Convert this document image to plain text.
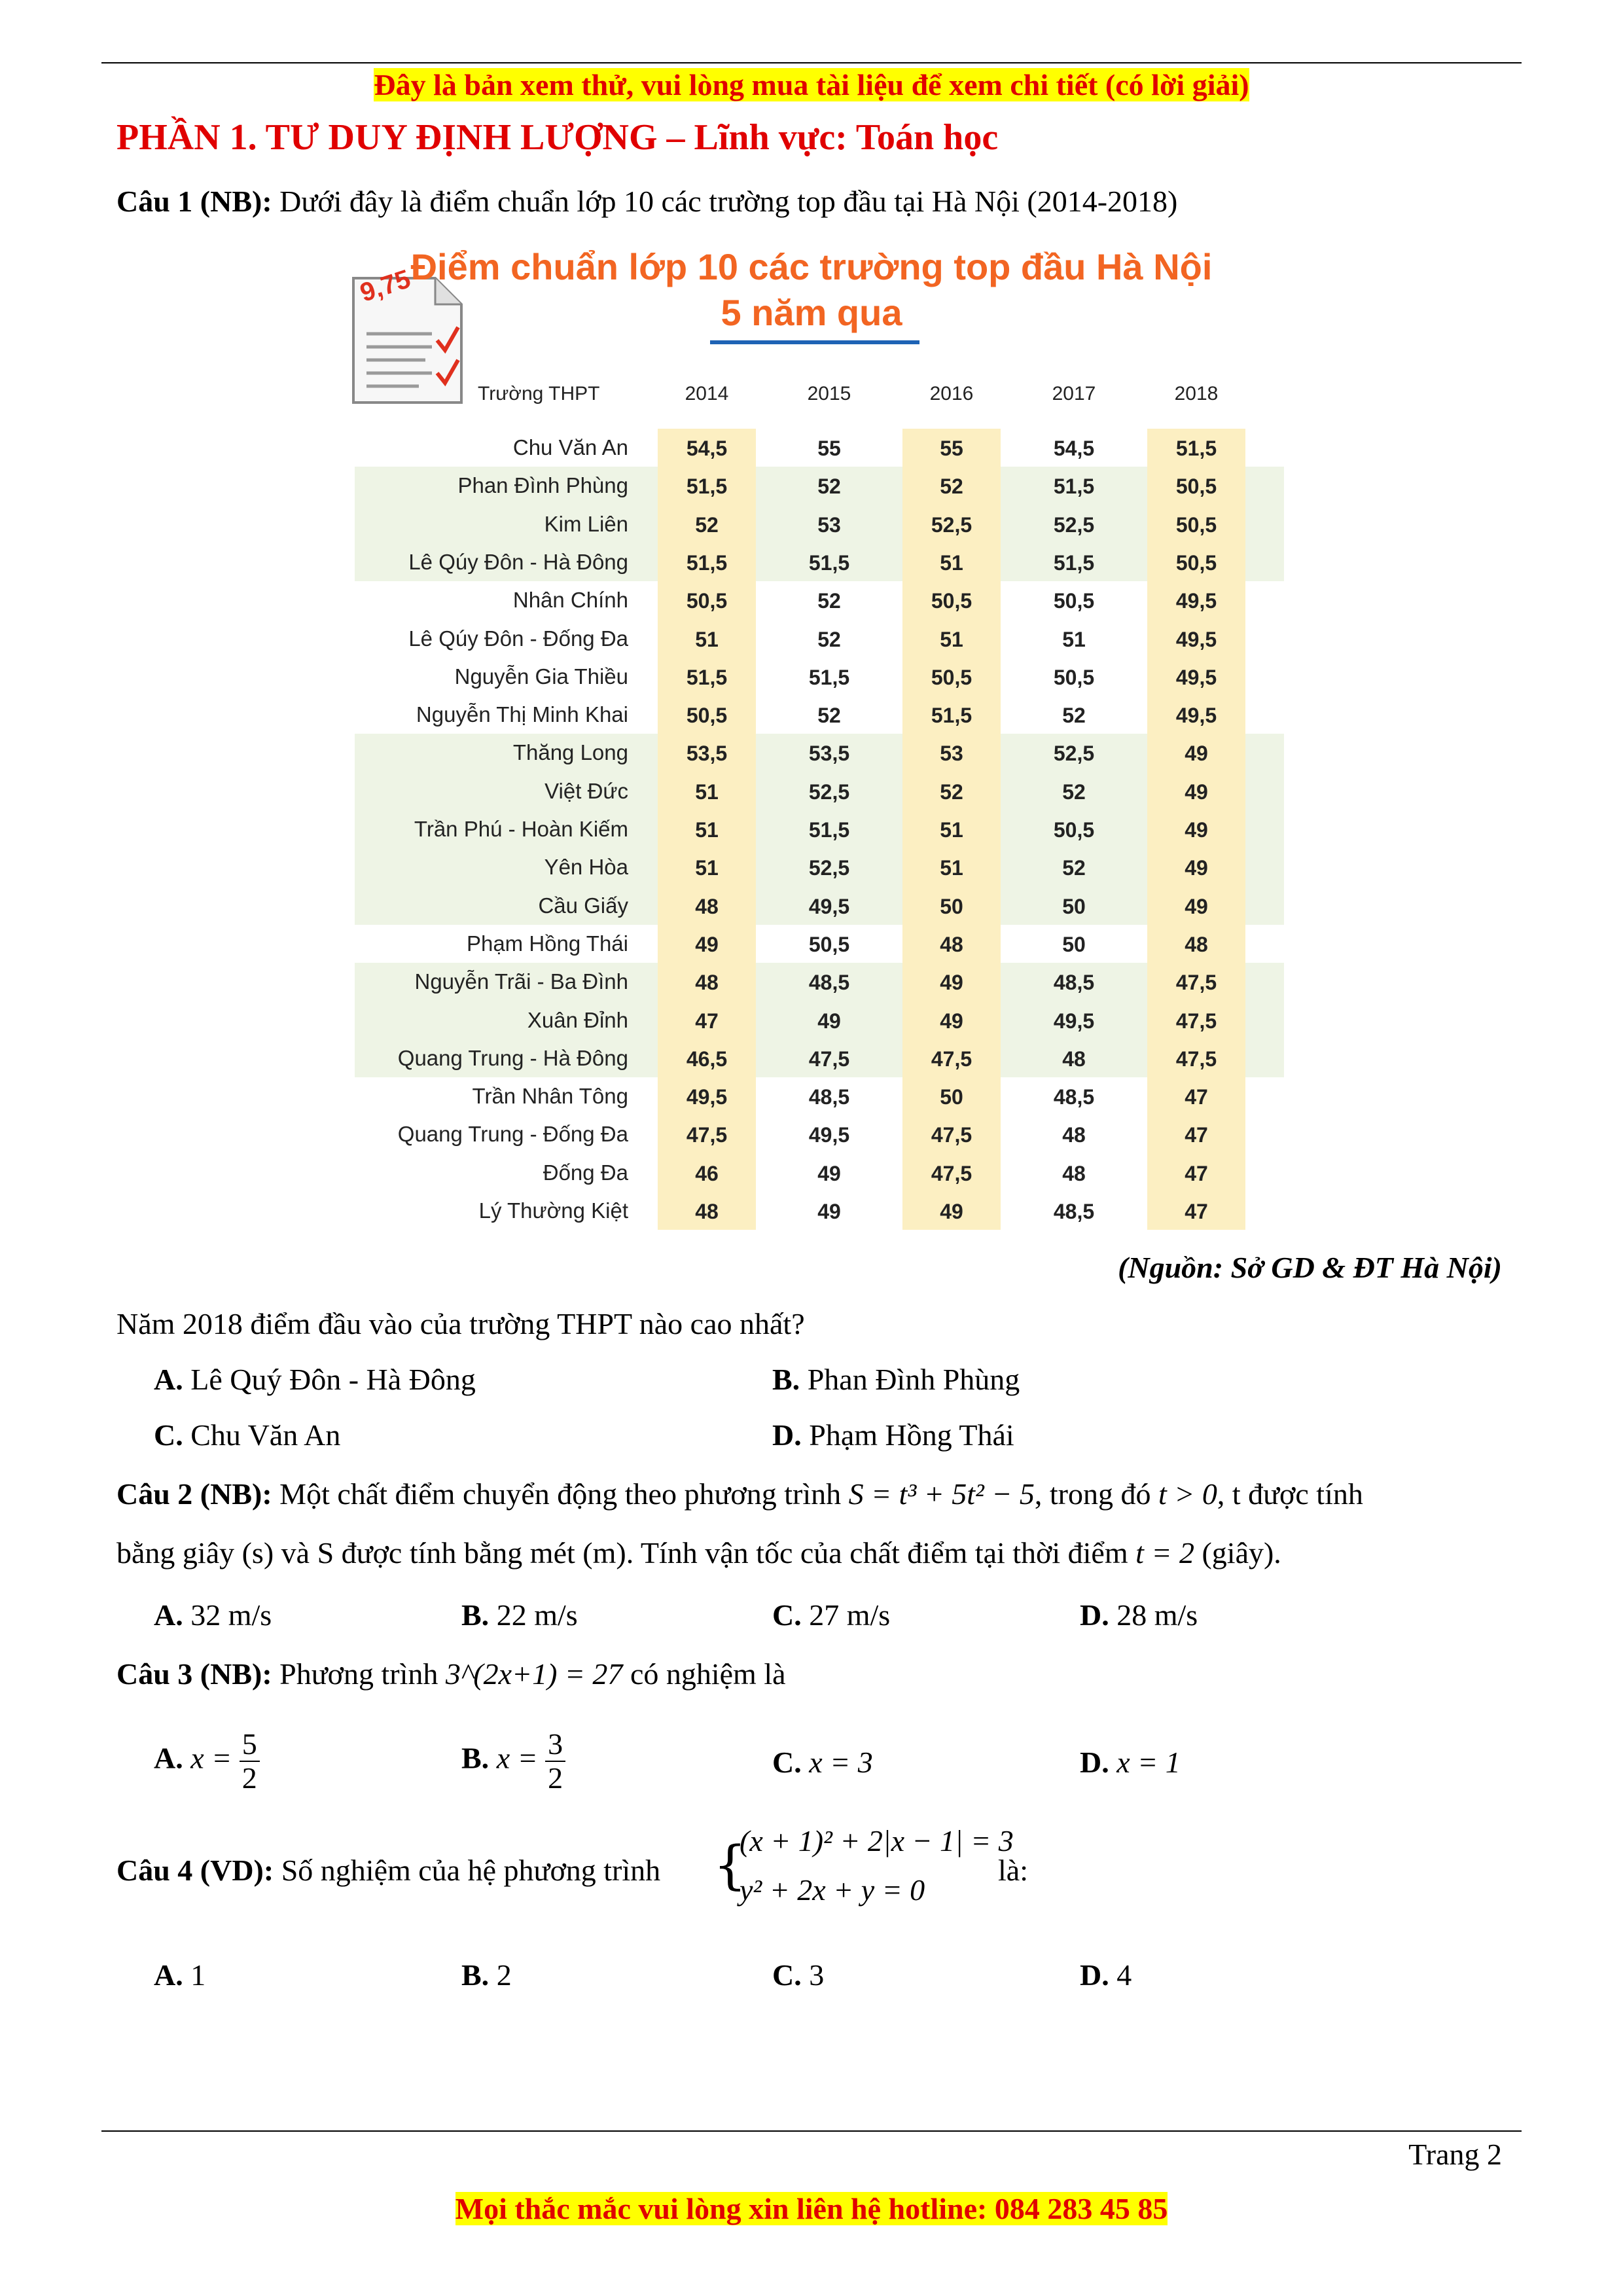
Đây là bản xem thử, vui lòng mua tài liệu để xem chi tiết (có lời giải)
PHẦN 1. TƯ DUY ĐỊNH LƯỢNG – Lĩnh vực: Toán học
Câu 1 (NB): Dưới đây là điểm chuẩn lớp 10 các trường top đầu tại Hà Nội (2014-2018)
9,75
Điểm chuẩn lớp 10 các trường top đầu Hà Nội
5 năm qua
Trường THPT	2014	2015	2016	2017	2018
Chu Văn An	54,5	55	55	54,5	51,5
Phan Đình Phùng	51,5	52	52	51,5	50,5
Kim Liên	52	53	52,5	52,5	50,5
Lê Qúy Đôn - Hà Đông	51,5	51,5	51	51,5	50,5
Nhân Chính	50,5	52	50,5	50,5	49,5
Lê Qúy Đôn - Đống Đa	51	52	51	51	49,5
Nguyễn Gia Thiều	51,5	51,5	50,5	50,5	49,5
Nguyễn Thị Minh Khai	50,5	52	51,5	52	49,5
Thăng Long	53,5	53,5	53	52,5	49
Việt Đức	51	52,5	52	52	49
Trần Phú - Hoàn Kiếm	51	51,5	51	50,5	49
Yên Hòa	51	52,5	51	52	49
Cầu Giấy	48	49,5	50	50	49
Phạm Hồng Thái	49	50,5	48	50	48
Nguyễn Trãi - Ba Đình	48	48,5	49	48,5	47,5
Xuân Đỉnh	47	49	49	49,5	47,5
Quang Trung - Hà Đông	46,5	47,5	47,5	48	47,5
Trần Nhân Tông	49,5	48,5	50	48,5	47
Quang Trung - Đống Đa	47,5	49,5	47,5	48	47
Đống Đa	46	49	47,5	48	47
Lý Thường Kiệt	48	49	49	48,5	47
(Nguồn: Sở GD & ĐT Hà Nội)
Năm 2018 điểm đầu vào của trường THPT nào cao nhất?
A. Lê Quý Đôn - Hà Đông	B. Phan Đình Phùng
C. Chu Văn An	D. Phạm Hồng Thái
Câu 2 (NB): Một chất điểm chuyển động theo phương trình S = t³ + 5t² − 5, trong đó t > 0, t được tính
bằng giây (s) và S được tính bằng mét (m). Tính vận tốc của chất điểm tại thời điểm t = 2 (giây).
A. 32 m/s	B. 22 m/s	C. 27 m/s	D. 28 m/s
Câu 3 (NB): Phương trình 3^(2x+1) = 27 có nghiệm là
A. $x = \frac{5}{2}$	B. $x = \frac{3}{2}$	C. x = 3	D. x = 1
Câu 4 (VD): Số nghiệm của hệ phương trình {
(x + 1)² + 2|x − 1| = 3
y² + 2x + y = 0
là:
A. 1	B. 2	C. 3	D. 4
Trang 2
Mọi thắc mắc vui lòng xin liên hệ hotline: 084 283 45 85
